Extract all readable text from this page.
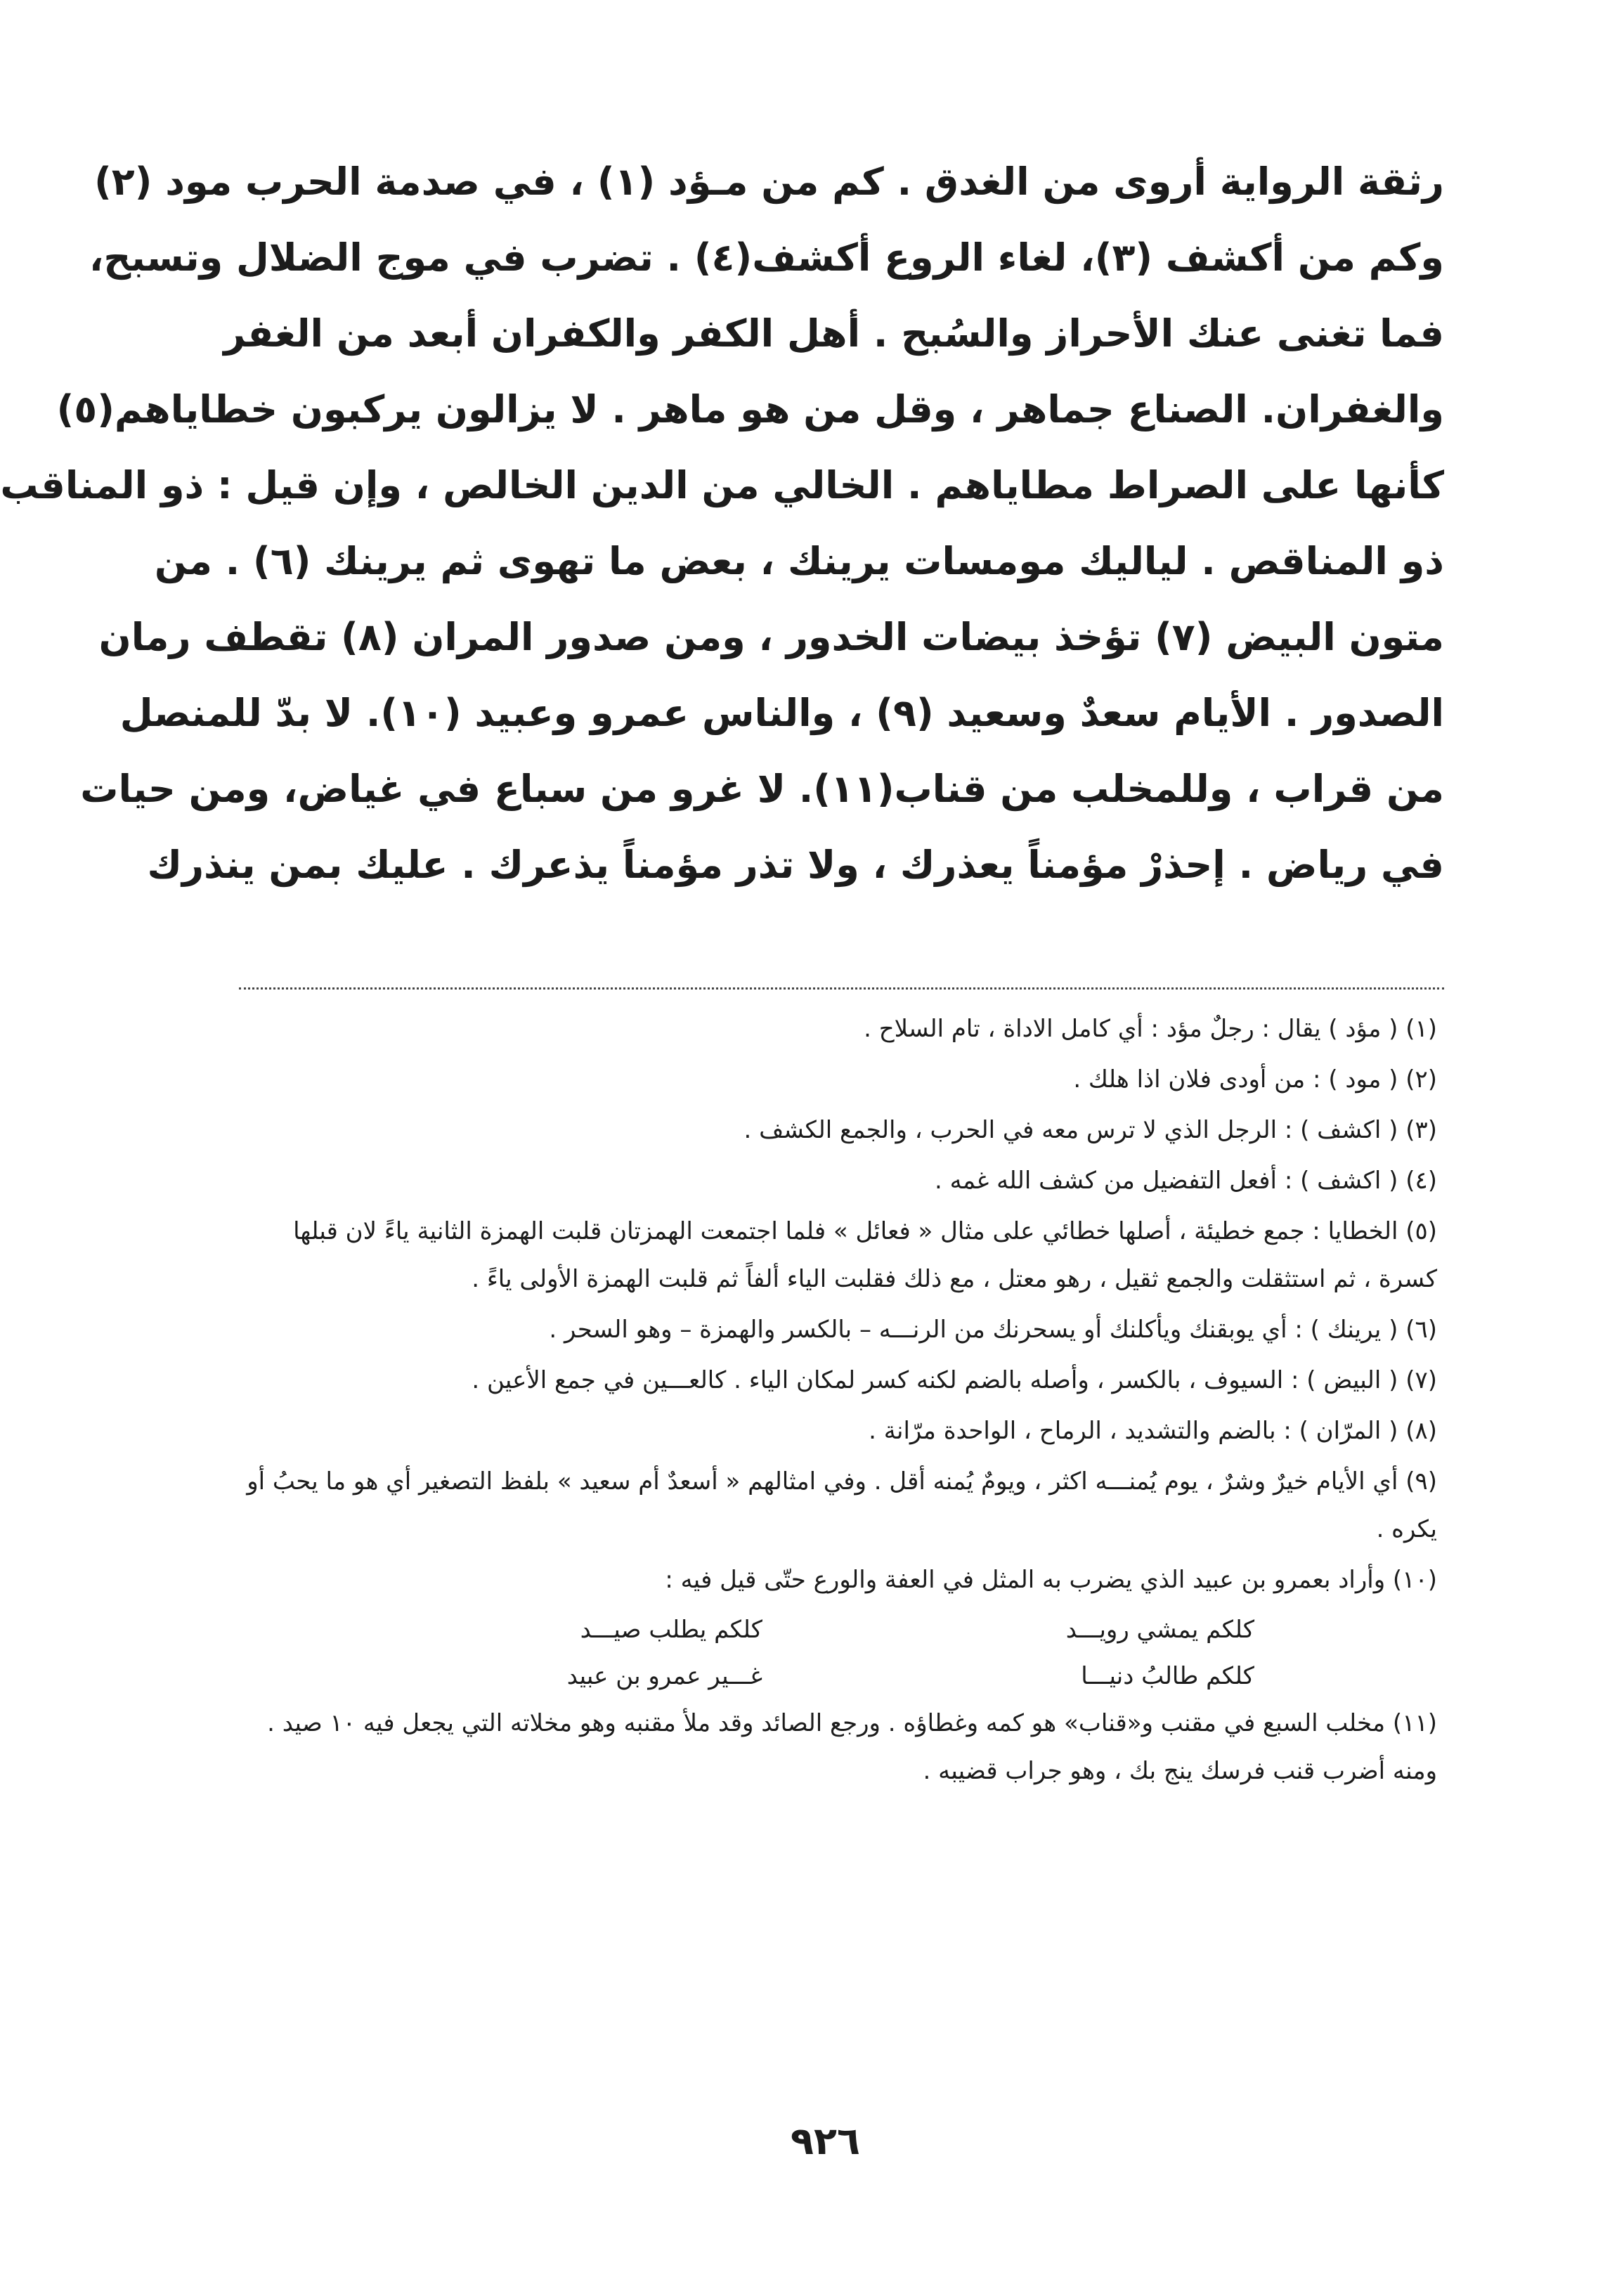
رثقة الرواية أروى من الغدق . كم من مـؤد (١) ، في صدمة الحرب مود (٢)
وكم من أكشف (٣)، لغاء الروع أكشف(٤) . تضرب في موج الضلال وتسبح،
فما تغنى عنك الأحراز والسُبح . أهل الكفر والكفران أبعد من الغفر
والغفران. الصناع جماهر ، وقل من هو ماهر . لا يزالون يركبون خطاياهم(٥)
كأنها على الصراط مطاياهم . الخالي من الدين الخالص ، وإن قيل : ذو المناقب
ذو المناقص . لياليك مومسات يرينك ، بعض ما تهوى ثم يرينك (٦) . من
متون البيض (٧) تؤخذ بيضات الخدور ، ومن صدور المران (٨) تقطف رمان
الصدور . الأيام سعدٌ وسعيد (٩) ، والناس عمرو وعبيد (١٠). لا بدّ للمنصل
من قراب ، وللمخلب من قناب(١١). لا غرو من سباع في غياض، ومن حيات
في رياض . إحذرْ مؤمناً يعذرك ، ولا تذر مؤمناً يذعرك . عليك بمن ينذرك

(١) ( مؤد ) يقال : رجلٌ مؤد : أي كامل الاداة ، تام السلاح .

(٢) ( مود ) : من أودى فلان اذا هلك .

(٣) ( اكشف ) : الرجل الذي لا ترس معه في الحرب ، والجمع الكشف .

(٤) ( اكشف ) : أفعل التفضيل من كشف الله غمه .

(٥) الخطايا : جمع خطيئة ، أصلها خطائي على مثال « فعائل » فلما اجتمعت الهمزتان قلبت الهمزة الثانية ياءً لان قبلها كسرة ، ثم استثقلت والجمع ثقيل ، رهو معتل ، مع ذلك فقلبت الياء ألفاً ثم قلبت الهمزة الأولى ياءً .

(٦) ( يرينك ) : أي يوبقنك ويأكلنك أو يسحرنك من الرنـــه – بالكسر والهمزة – وهو السحر .

(٧) ( البيض ) : السيوف ، بالكسر ، وأصله بالضم لكنه كسر لمكان الياء . كالعـــين في جمع الأعين .

(٨) ( المرّان ) : بالضم والتشديد ، الرماح ، الواحدة مرّانة .

(٩) أي الأيام خيرٌ وشرٌ ، يوم يُمنـــه اكثر ، ويومٌ يُمنه أقل . وفي امثالهم « أسعدٌ أم سعيد » بلفظ التصغير أي هو ما يحبُ أو يكره .

(١٠) وأراد بعمرو بن عبيد الذي يضرب به المثل في العفة والورع حتّى قيل فيه :

كلكم يمشي رويـــد
كلكم يطلب صيـــد
كلكم طالبُ دنيـــا
غـــير عمرو بن عبيد

(١١) مخلب السبع في مقنب و«قناب» هو كمه وغطاؤه . ورجع الصائد وقد ملأ مقنبه وهو مخلاته التي يجعل فيه ١٠ صيد . ومنه أضرب قنب فرسك ينج بك ، وهو جراب قضيبه .

٩٢٦
